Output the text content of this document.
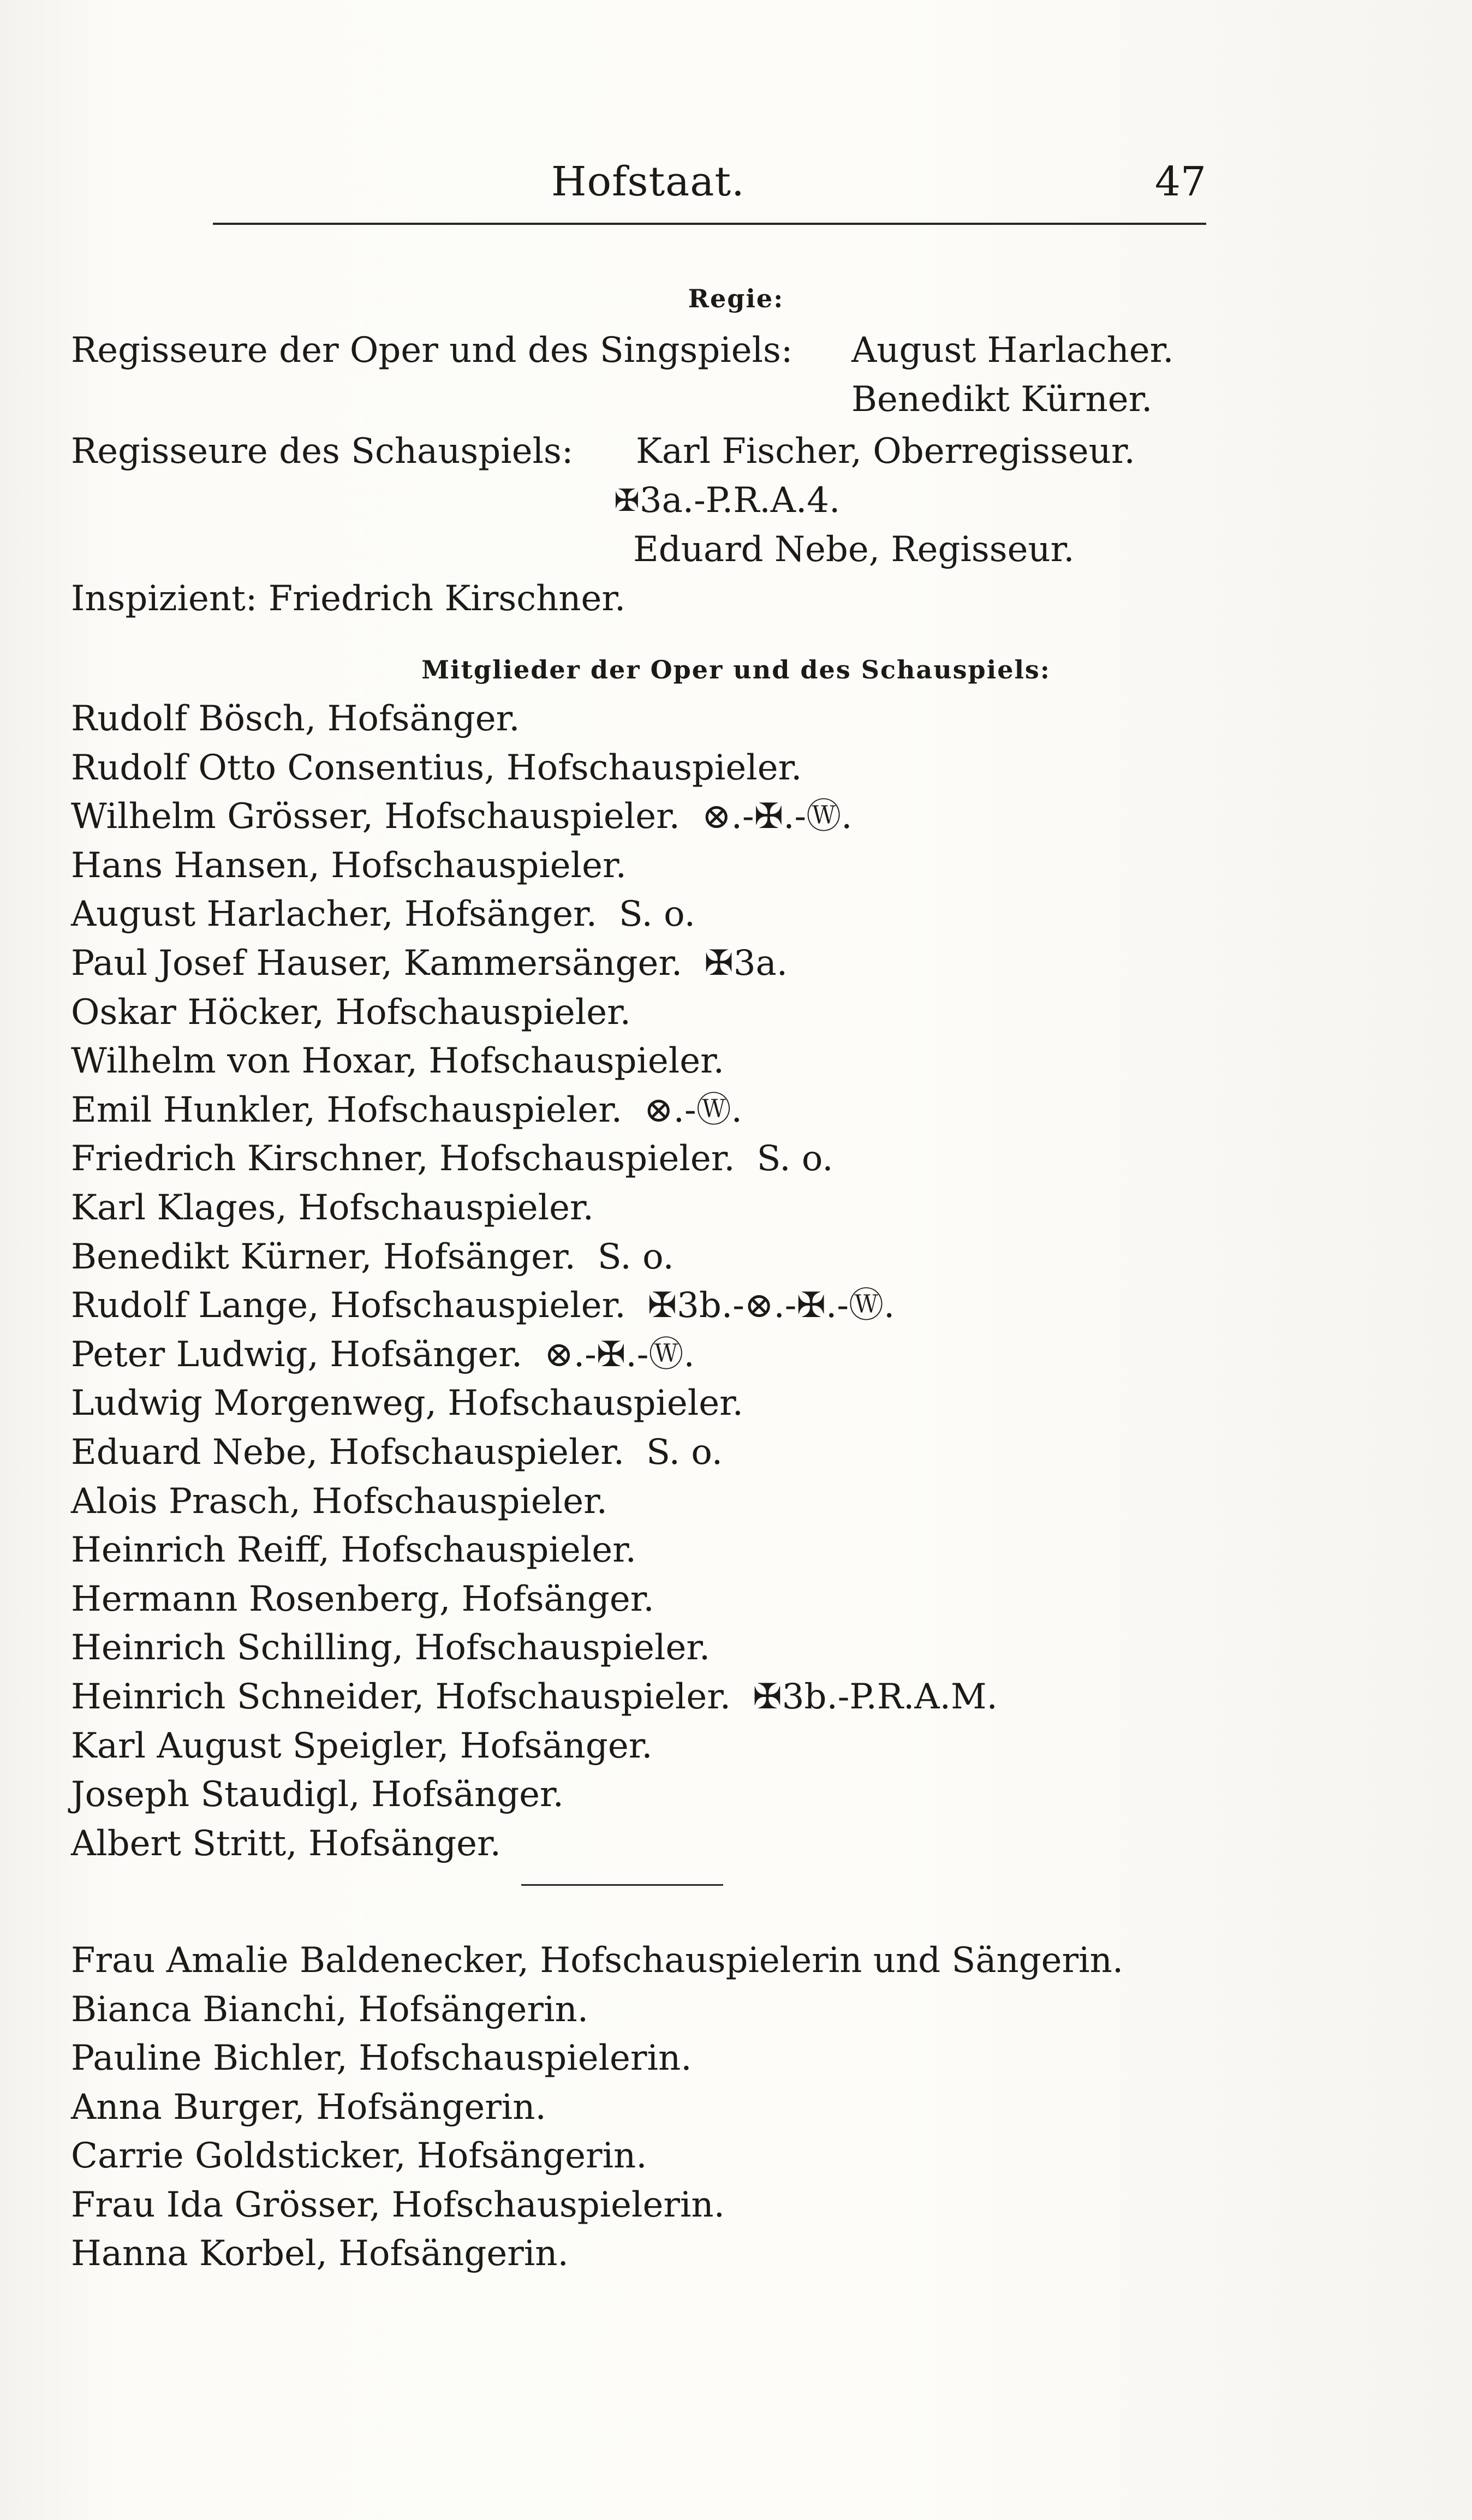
Hofstaat.	47
Regie:
Regisseure der Oper und des Singspiels: August Harlacher.
Benedikt Kürner.
Regisseure des Schauspiels: Karl Fischer, Oberregisseur.
✠3a.-P.R.A.4.
Eduard Nebe, Regisseur.
Inspizient: Friedrich Kirschner.
Mitglieder der Oper und des Schauspiels:
Rudolf Bösch, Hofsänger.
Rudolf Otto Consentius, Hofschauspieler.
Wilhelm Grösser, Hofschauspieler. ⊗.-✠.-Ⓦ.
Hans Hansen, Hofschauspieler.
August Harlacher, Hofsänger. S. o.
Paul Josef Hauser, Kammersänger. ✠3a.
Oskar Höcker, Hofschauspieler.
Wilhelm von Hoxar, Hofschauspieler.
Emil Hunkler, Hofschauspieler. ⊗.-Ⓦ.
Friedrich Kirschner, Hofschauspieler. S. o.
Karl Klages, Hofschauspieler.
Benedikt Kürner, Hofsänger. S. o.
Rudolf Lange, Hofschauspieler. ✠3b.-⊗.-✠.-Ⓦ.
Peter Ludwig, Hofsänger. ⊗.-✠.-Ⓦ.
Ludwig Morgenweg, Hofschauspieler.
Eduard Nebe, Hofschauspieler. S. o.
Alois Prasch, Hofschauspieler.
Heinrich Reiff, Hofschauspieler.
Hermann Rosenberg, Hofsänger.
Heinrich Schilling, Hofschauspieler.
Heinrich Schneider, Hofschauspieler. ✠3b.-P.R.A.M.
Karl August Speigler, Hofsänger.
Joseph Staudigl, Hofsänger.
Albert Stritt, Hofsänger.
Frau Amalie Baldenecker, Hofschauspielerin und Sängerin.
Bianca Bianchi, Hofsängerin.
Pauline Bichler, Hofschauspielerin.
Anna Burger, Hofsängerin.
Carrie Goldsticker, Hofsängerin.
Frau Ida Grösser, Hofschauspielerin.
Hanna Korbel, Hofsängerin.
